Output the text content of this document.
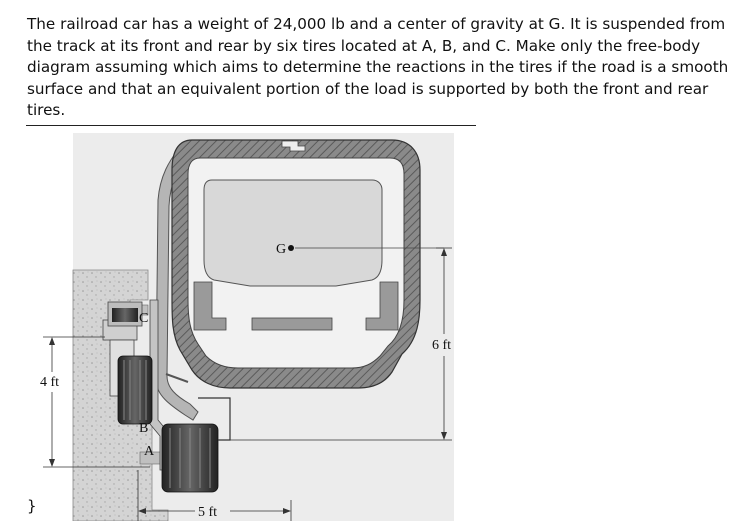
The railroad car has a weight of 24,000 lb and a center of gravity at G. It is suspended from the track at its front and rear by six tires located at A, B, and C. Make only the free-body diagram assuming which aims to determine the reactions in the tires if the road is a smooth surface and that an equivalent portion of the load is supported by both the front and rear tires.

G
C
B
A
4 ft
6 ft
5 ft
}
